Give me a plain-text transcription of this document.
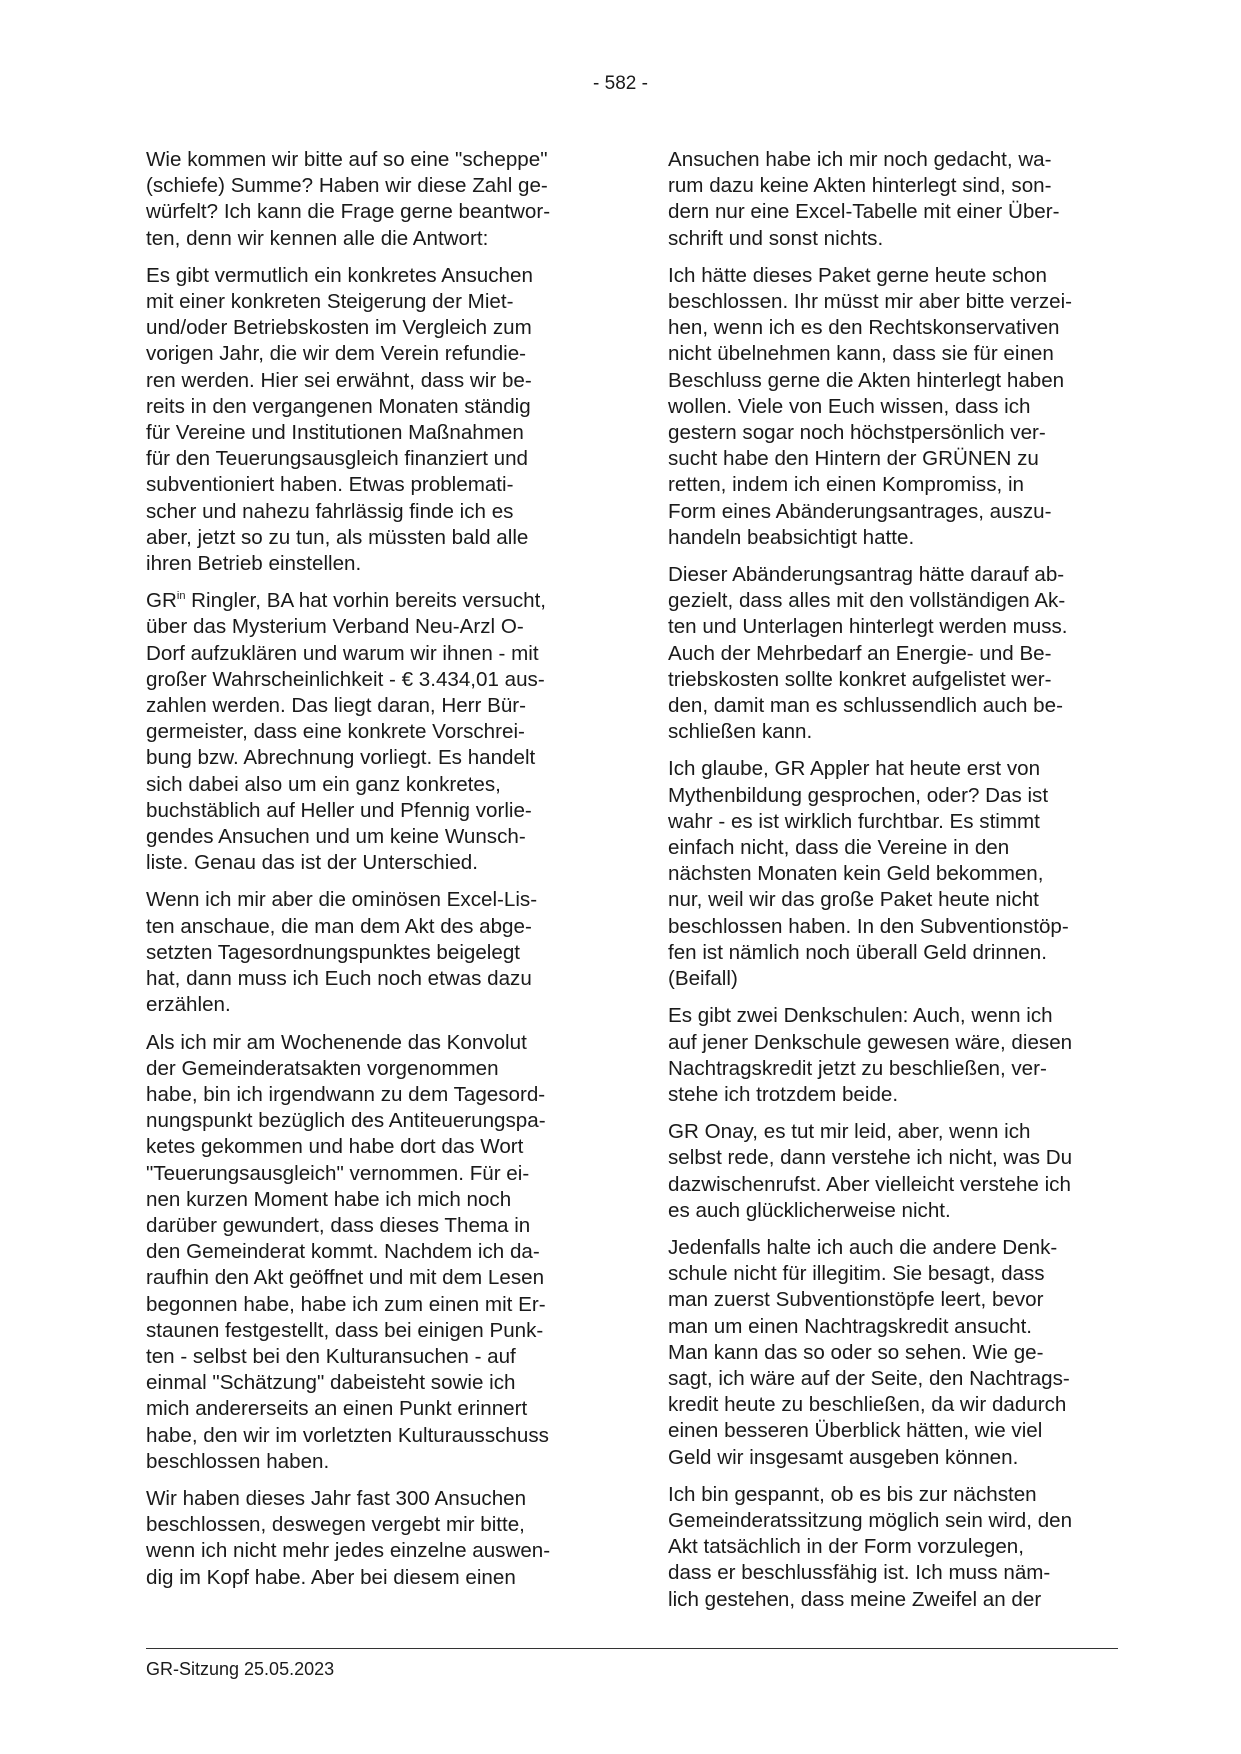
- 582 -

Wie kommen wir bitte auf so eine "scheppe"
(schiefe) Summe? Haben wir diese Zahl ge-
würfelt? Ich kann die Frage gerne beantwor-
ten, denn wir kennen alle die Antwort:

Es gibt vermutlich ein konkretes Ansuchen
mit einer konkreten Steigerung der Miet-
und/oder Betriebskosten im Vergleich zum
vorigen Jahr, die wir dem Verein refundie-
ren werden. Hier sei erwähnt, dass wir be-
reits in den vergangenen Monaten ständig
für Vereine und Institutionen Maßnahmen
für den Teuerungsausgleich finanziert und
subventioniert haben. Etwas problemati-
scher und nahezu fahrlässig finde ich es
aber, jetzt so zu tun, als müssten bald alle
ihren Betrieb einstellen.

$GR^{in}$ Ringler, BA hat vorhin bereits versucht,
über das Mysterium Verband Neu-Arzl O-
Dorf aufzuklären und warum wir ihnen - mit
großer Wahrscheinlichkeit - € 3.434,01 aus-
zahlen werden. Das liegt daran, Herr Bür-
germeister, dass eine konkrete Vorschrei-
bung bzw. Abrechnung vorliegt. Es handelt
sich dabei also um ein ganz konkretes,
buchstäblich auf Heller und Pfennig vorlie-
gendes Ansuchen und um keine Wunsch-
liste. Genau das ist der Unterschied.

Wenn ich mir aber die ominösen Excel-Lis-
ten anschaue, die man dem Akt des abge-
setzten Tagesordnungspunktes beigelegt
hat, dann muss ich Euch noch etwas dazu
erzählen.

Als ich mir am Wochenende das Konvolut
der Gemeinderatsakten vorgenommen
habe, bin ich irgendwann zu dem Tagesord-
nungspunkt bezüglich des Antiteuerungspa-
ketes gekommen und habe dort das Wort
"Teuerungsausgleich" vernommen. Für ei-
nen kurzen Moment habe ich mich noch
darüber gewundert, dass dieses Thema in
den Gemeinderat kommt. Nachdem ich da-
raufhin den Akt geöffnet und mit dem Lesen
begonnen habe, habe ich zum einen mit Er-
staunen festgestellt, dass bei einigen Punk-
ten - selbst bei den Kulturansuchen - auf
einmal "Schätzung" dabeisteht sowie ich
mich andererseits an einen Punkt erinnert
habe, den wir im vorletzten Kulturausschuss
beschlossen haben.

Wir haben dieses Jahr fast 300 Ansuchen
beschlossen, deswegen vergebt mir bitte,
wenn ich nicht mehr jedes einzelne auswen-
dig im Kopf habe. Aber bei diesem einen

Ansuchen habe ich mir noch gedacht, wa-
rum dazu keine Akten hinterlegt sind, son-
dern nur eine Excel-Tabelle mit einer Über-
schrift und sonst nichts.

Ich hätte dieses Paket gerne heute schon
beschlossen. Ihr müsst mir aber bitte verzei-
hen, wenn ich es den Rechtskonservativen
nicht übelnehmen kann, dass sie für einen
Beschluss gerne die Akten hinterlegt haben
wollen. Viele von Euch wissen, dass ich
gestern sogar noch höchstpersönlich ver-
sucht habe den Hintern der GRÜNEN zu
retten, indem ich einen Kompromiss, in
Form eines Abänderungsantrages, auszu-
handeln beabsichtigt hatte.

Dieser Abänderungsantrag hätte darauf ab-
gezielt, dass alles mit den vollständigen Ak-
ten und Unterlagen hinterlegt werden muss.
Auch der Mehrbedarf an Energie- und Be-
triebskosten sollte konkret aufgelistet wer-
den, damit man es schlussendlich auch be-
schließen kann.

Ich glaube, GR Appler hat heute erst von
Mythenbildung gesprochen, oder? Das ist
wahr - es ist wirklich furchtbar. Es stimmt
einfach nicht, dass die Vereine in den
nächsten Monaten kein Geld bekommen,
nur, weil wir das große Paket heute nicht
beschlossen haben. In den Subventionstöp-
fen ist nämlich noch überall Geld drinnen.
(Beifall)

Es gibt zwei Denkschulen: Auch, wenn ich
auf jener Denkschule gewesen wäre, diesen
Nachtragskredit jetzt zu beschließen, ver-
stehe ich trotzdem beide.

GR Onay, es tut mir leid, aber, wenn ich
selbst rede, dann verstehe ich nicht, was Du
dazwischenrufst. Aber vielleicht verstehe ich
es auch glücklicherweise nicht.

Jedenfalls halte ich auch die andere Denk-
schule nicht für illegitim. Sie besagt, dass
man zuerst Subventionstöpfe leert, bevor
man um einen Nachtragskredit ansucht.
Man kann das so oder so sehen. Wie ge-
sagt, ich wäre auf der Seite, den Nachtrags-
kredit heute zu beschließen, da wir dadurch
einen besseren Überblick hätten, wie viel
Geld wir insgesamt ausgeben können.

Ich bin gespannt, ob es bis zur nächsten
Gemeinderatssitzung möglich sein wird, den
Akt tatsächlich in der Form vorzulegen,
dass er beschlussfähig ist. Ich muss näm-
lich gestehen, dass meine Zweifel an der

GR-Sitzung 25.05.2023
